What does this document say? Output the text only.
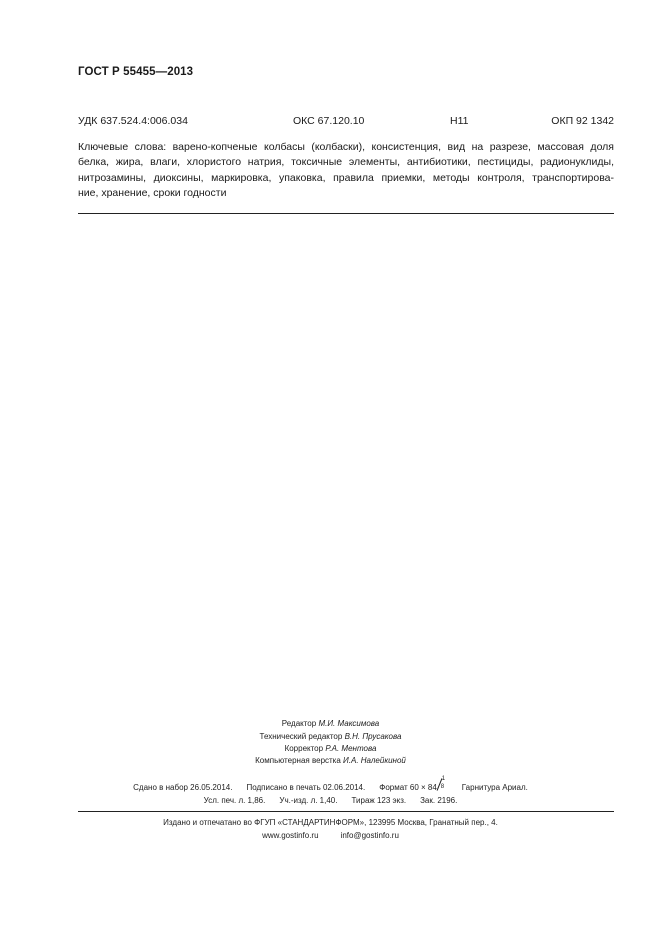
ГОСТ Р 55455—2013
УДК 637.524.4:006.034	ОКС 67.120.10	Н11	ОКП 92 1342
Ключевые слова: варено-копченые колбасы (колбаски), консистенция, вид на разрезе, массовая доля
белка, жира, влаги, хлористого натрия, токсичные элементы, антибиотики, пестициды, радионуклиды,
нитрозамины, диоксины, маркировка, упаковка, правила приемки, методы контроля, транспортирова-
ние, хранение, сроки годности
Редактор М.И. Максимова
Технический редактор В.Н. Прусакова
Корректор Р.А. Ментова
Компьютерная верстка И.А. Налейкиной
Сдано в набор 26.05.2014. Подписано в печать 02.06.2014. Формат 60 × 84
1
8 Гарнитура Ариал.
Усл. печ. л. 1,86. Уч.-изд. л. 1,40. Тираж 123 экз. Зак. 2196.
Издано и отпечатано во ФГУП «СТАНДАРТИНФОРМ», 123995 Москва, Гранатный пер., 4.
www.gostinfo.ru	info@gostinfo.ru
